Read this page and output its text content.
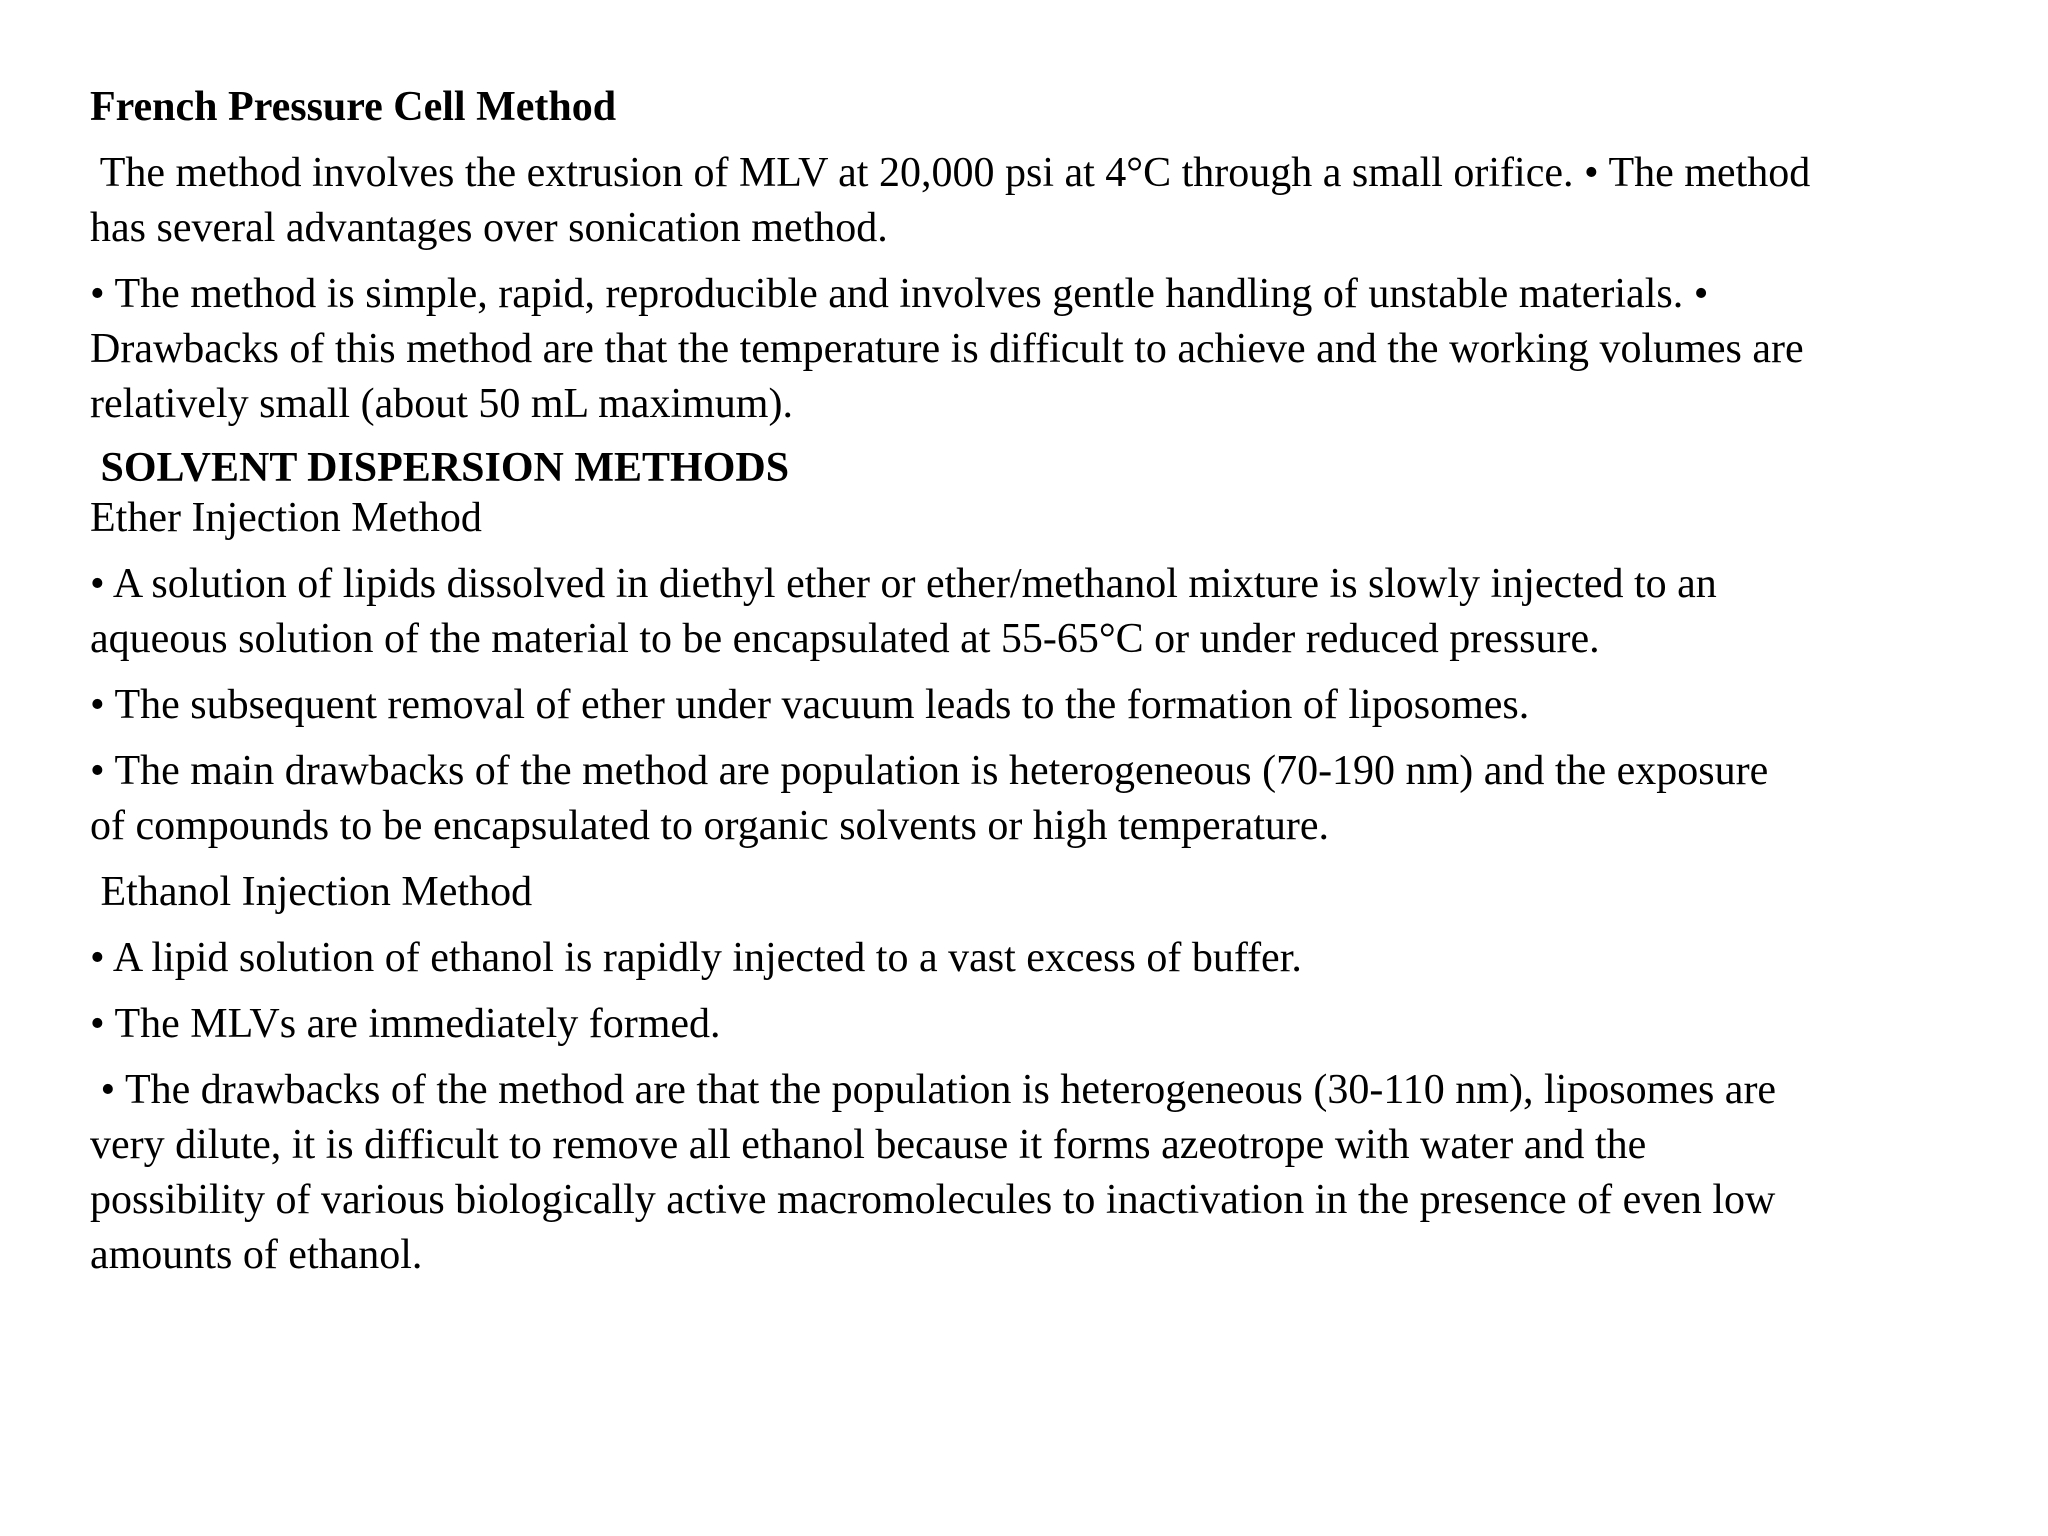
French Pressure Cell Method

The method involves the extrusion of MLV at 20,000 psi at 4°C through a small orifice. • The method

has several advantages over sonication method.

• The method is simple, rapid, reproducible and involves gentle handling of unstable materials. •

Drawbacks of this method are that the temperature is difficult to achieve and the working volumes are

relatively small (about 50 mL maximum).

SOLVENT DISPERSION METHODS

Ether Injection Method

• A solution of lipids dissolved in diethyl ether or ether/methanol mixture is slowly injected to an

aqueous solution of the material to be encapsulated at 55-65°C or under reduced pressure.

• The subsequent removal of ether under vacuum leads to the formation of liposomes.

• The main drawbacks of the method are population is heterogeneous (70-190 nm) and the exposure

of compounds to be encapsulated to organic solvents or high temperature.

Ethanol Injection Method

• A lipid solution of ethanol is rapidly injected to a vast excess of buffer.

• The MLVs are immediately formed.

• The drawbacks of the method are that the population is heterogeneous (30-110 nm), liposomes are

very dilute, it is difficult to remove all ethanol because it forms azeotrope with water and the

possibility of various biologically active macromolecules to inactivation in the presence of even low

amounts of ethanol.
